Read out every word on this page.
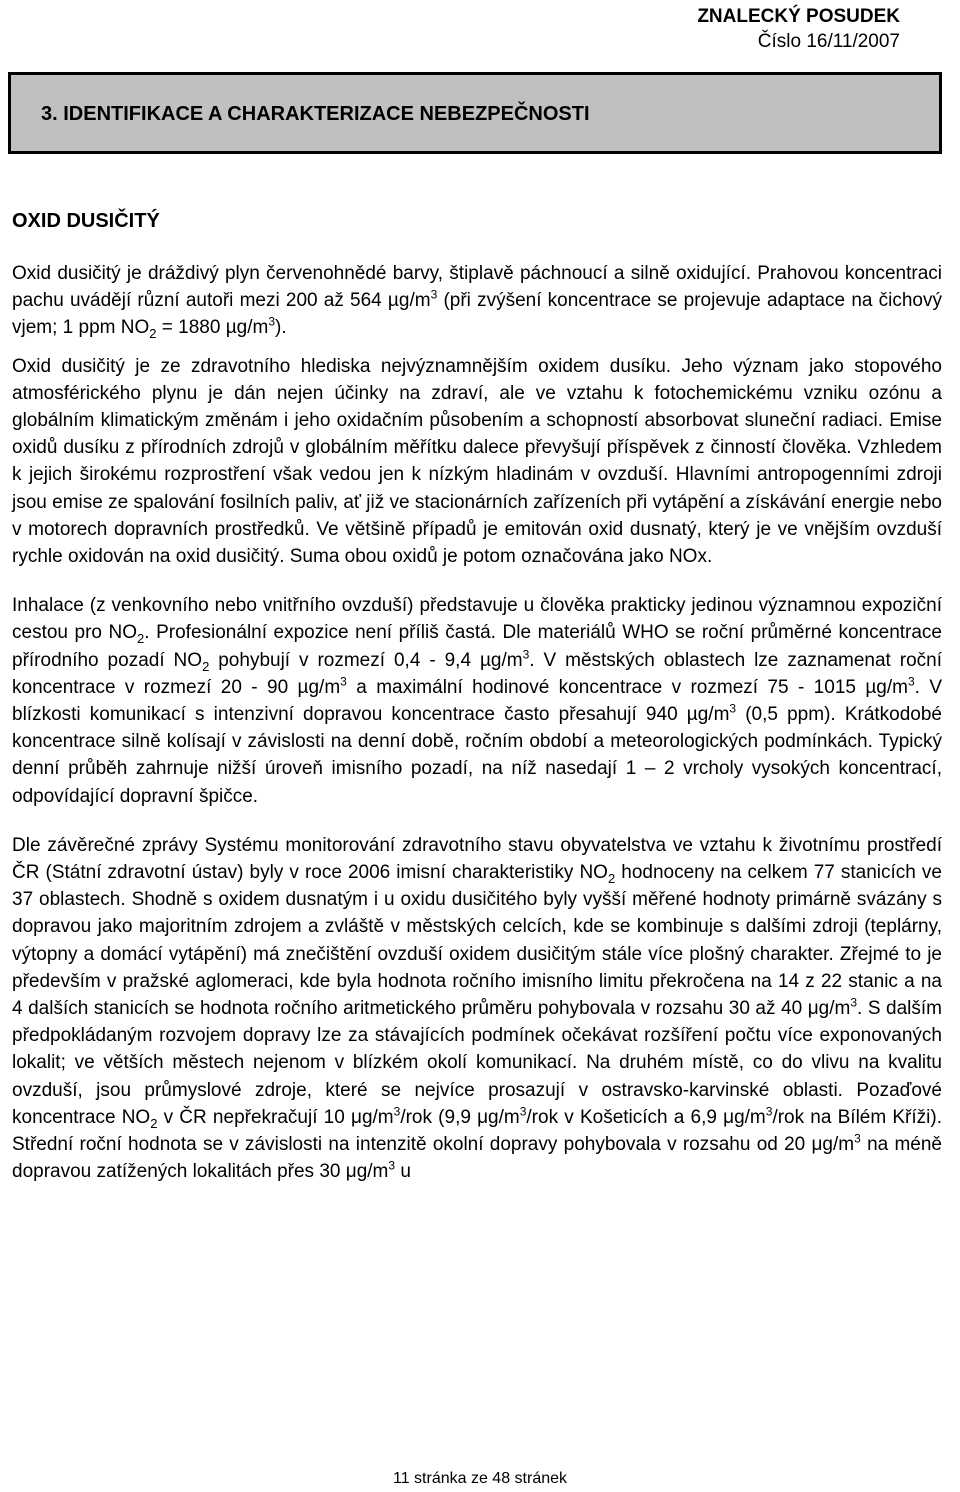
ZNALECKÝ POSUDEK
Číslo 16/11/2007
3. IDENTIFIKACE A CHARAKTERIZACE NEBEZPEČNOSTI
OXID DUSIČITÝ

Oxid dusičitý je dráždivý plyn červenohnědé barvy, štiplavě páchnoucí a silně oxidující. Prahovou koncentraci pachu uvádějí různí autoři mezi 200 až 564 $\mu g/m^3$ (při zvýšení koncentrace se projevuje adaptace na čichový vjem; 1 ppm $NO_2 = 1880$ $\mu g/m^3$).

Oxid dusičitý je ze zdravotního hlediska nejvýznamnějším oxidem dusíku. Jeho význam jako stopového atmosférického plynu je dán nejen účinky na zdraví, ale ve vztahu k fotochemickému vzniku ozónu a globálním klimatickým změnám i jeho oxidačním působením a schopností absorbovat sluneční radiaci. Emise oxidů dusíku z přírodních zdrojů v globálním měřítku dalece převyšují příspěvek z činností člověka. Vzhledem k jejich širokému rozprostření však vedou jen k nízkým hladinám v ovzduší. Hlavními antropogenními zdroji jsou emise ze spalování fosilních paliv, ať již ve stacionárních zařízeních při vytápění a získávání energie nebo v motorech dopravních prostředků. Ve většině případů je emitován oxid dusnatý, který je ve vnějším ovzduší rychle oxidován na oxid dusičitý. Suma obou oxidů je potom označována jako NOx.

Inhalace (z venkovního nebo vnitřního ovzduší) představuje u člověka prakticky jedinou významnou expoziční cestou pro $NO_2$. Profesionální expozice není příliš častá. Dle materiálů WHO se roční průměrné koncentrace přírodního pozadí $NO_2$ pohybují v rozmezí 0,4 - 9,4 $\mu g/m^3$. V městských oblastech lze zaznamenat roční koncentrace v rozmezí 20 - 90 $\mu g/m^3$ a maximální hodinové koncentrace v rozmezí 75 - 1015 $\mu g/m^3$. V blízkosti komunikací s intenzivní dopravou koncentrace často přesahují 940 $\mu g/m^3$ (0,5 ppm). Krátkodobé koncentrace silně kolísají v závislosti na denní době, ročním období a meteorologických podmínkách. Typický denní průběh zahrnuje nižší úroveň imisního pozadí, na níž nasedají 1 – 2 vrcholy vysokých koncentrací, odpovídající dopravní špičce.

Dle závěrečné zprávy Systému monitorování zdravotního stavu obyvatelstva ve vztahu k životnímu prostředí ČR (Státní zdravotní ústav) byly v roce 2006 imisní charakteristiky $NO_2$ hodnoceny na celkem 77 stanicích ve 37 oblastech. Shodně s oxidem dusnatým i u oxidu dusičitého byly vyšší měřené hodnoty primárně svázány s dopravou jako majoritním zdrojem a zvláště v městských celcích, kde se kombinuje s dalšími zdroji (teplárny, výtopny a domácí vytápění) má znečištění ovzduší oxidem dusičitým stále více plošný charakter. Zřejmé to je především v pražské aglomeraci, kde byla hodnota ročního imisního limitu překročena na 14 z 22 stanic a na 4 dalších stanicích se hodnota ročního aritmetického průměru pohybovala v rozsahu 30 až 40 $\mu g/m^3$. S dalším předpokládaným rozvojem dopravy lze za stávajících podmínek očekávat rozšíření počtu více exponovaných lokalit; ve větších městech nejenom v blízkém okolí komunikací. Na druhém místě, co do vlivu na kvalitu ovzduší, jsou průmyslové zdroje, které se nejvíce prosazují v ostravsko-karvinské oblasti. Pozaďové koncentrace $NO_2$ v ČR nepřekračují 10 $\mu g/m^3$/rok (9,9 $\mu g/m^3$/rok v Košeticích a 6,9 $\mu g/m^3$/rok na Bílém Kříži). Střední roční hodnota se v závislosti na intenzitě okolní dopravy pohybovala v rozsahu od 20 $\mu g/m^3$ na méně dopravou zatížených lokalitách přes 30 $\mu g/m^3$ u

11 stránka ze 48 stránek
